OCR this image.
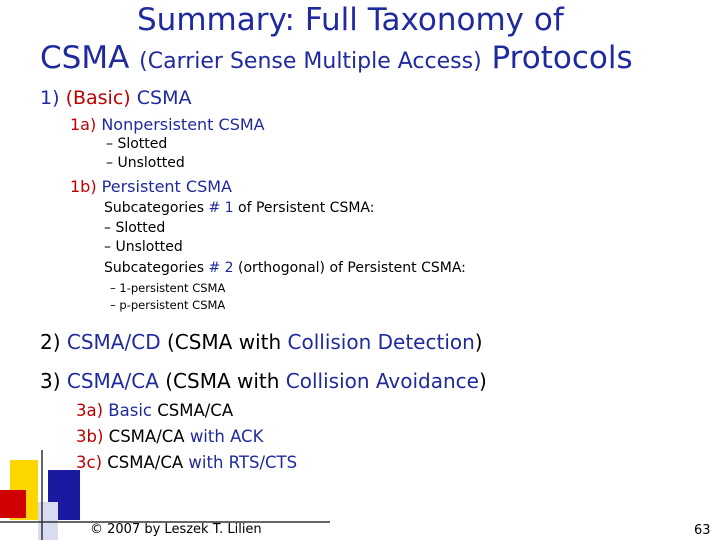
Summary: Full Taxonomy of
CSMA (Carrier Sense Multiple Access) Protocols
1) (Basic) CSMA
1a) Nonpersistent CSMA
– Slotted
– Unslotted
1b) Persistent CSMA
Subcategories # 1 of Persistent CSMA:
– Slotted
– Unslotted
Subcategories # 2 (orthogonal) of Persistent CSMA:
– 1-persistent CSMA
– p-persistent CSMA
2) CSMA/CD (CSMA with Collision Detection)
3) CSMA/CA (CSMA with Collision Avoidance)
3a) Basic CSMA/CA
3b) CSMA/CA with ACK
3c) CSMA/CA with RTS/CTS
© 2007 by Leszek T. Lilien	63
